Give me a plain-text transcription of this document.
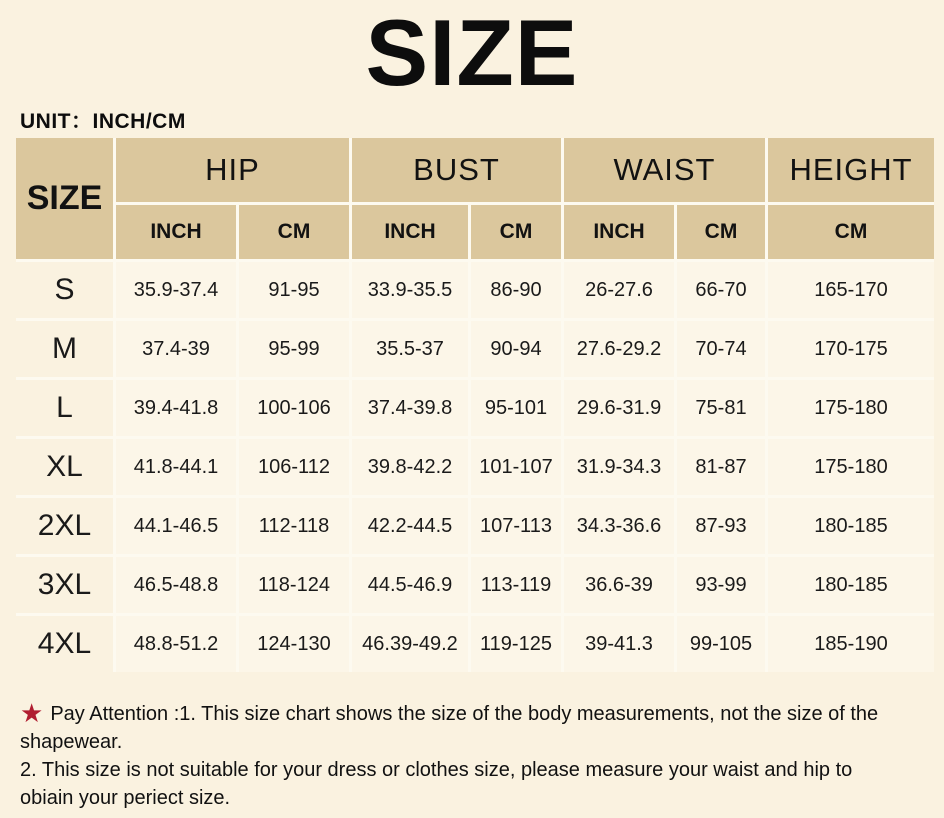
SIZE
UNIT：INCH/CM
SIZE
HIP	BUST	WAIST	HEIGHT
INCH	CM	INCH	CM	INCH	CM	CM
S	35.9-37.4	91-95	33.9-35.5	86-90	26-27.6	66-70	165-170
M	37.4-39	95-99	35.5-37	90-94	27.6-29.2	70-74	170-175
L	39.4-41.8	100-106	37.4-39.8	95-101	29.6-31.9	75-81	175-180
XL	41.8-44.1	106-112	39.8-42.2	101-107	31.9-34.3	81-87	175-180
2XL	44.1-46.5	112-118	42.2-44.5	107-113	34.3-36.6	87-93	180-185
3XL	46.5-48.8	118-124	44.5-46.9	113-119	36.6-39	93-99	180-185
4XL	48.8-51.2	124-130	46.39-49.2	119-125	39-41.3	99-105	185-190
★ Pay Attention :1. This size chart shows the size of the body measurements, not the size of the
shapewear.
2. This size is not suitable for your dress or clothes size, please measure your waist and hip to
obiain your periect size.
